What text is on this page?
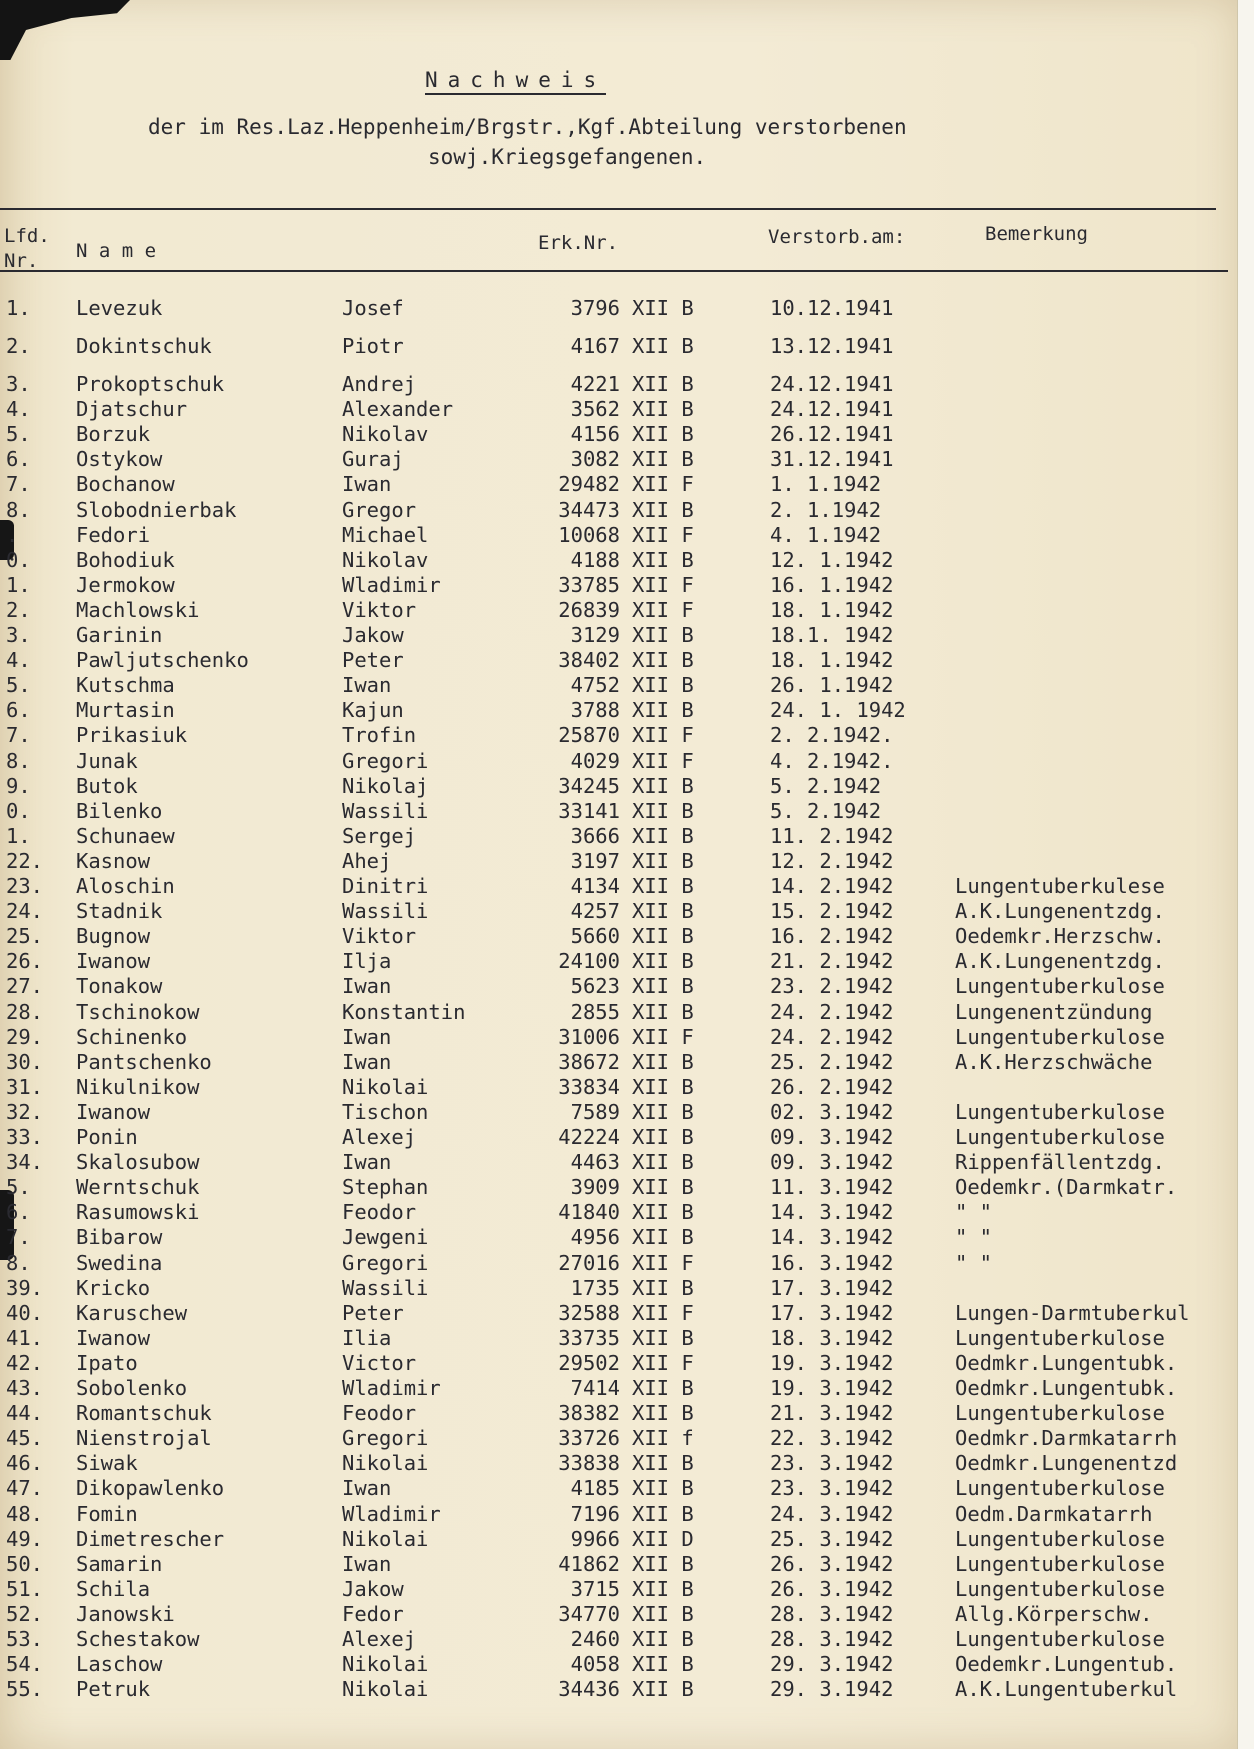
Nachweis
der im Res.Laz.Heppenheim/Brgstr.,Kgf.Abteilung verstorbenen
sowj.Kriegsgefangenen.
Lfd.
Nr. N a m e	Erk.Nr.	Verstorb.am:	Bemerkung
1. Levezuk	Josef	3796 XII B	10.12.1941
2. Dokintschuk	Piotr	4167 XII B	13.12.1941
3. Prokoptschuk	Andrej	4221 XII B	24.12.1941
4. Djatschur	Alexander	3562 XII B	24.12.1941
5. Borzuk	Nikolav	4156 XII B	26.12.1941
6. Ostykow	Guraj	3082 XII B	31.12.1941
7. Bochanow	Iwan	29482 XII F	1. 1.1942
8. Slobodnierbak	Gregor	34473 XII B	2. 1.1942
.	Fedori	Michael	10068 XII F	4. 1.1942
0. Bohodiuk	Nikolav	4188 XII B	12. 1.1942
1. Jermokow	Wladimir	33785 XII F	16. 1.1942
2. Machlowski	Viktor	26839 XII F	18. 1.1942
3. Garinin	Jakow	3129 XII B	18.1. 1942
4. Pawljutschenko	Peter	38402 XII B	18. 1.1942
5. Kutschma	Iwan	4752 XII B	26. 1.1942
6. Murtasin	Kajun	3788 XII B	24. 1. 1942
7. Prikasiuk	Trofin	25870 XII F	2. 2.1942.
8. Junak	Gregori	4029 XII F	4. 2.1942.
9. Butok	Nikolaj	34245 XII B	5. 2.1942
0. Bilenko	Wassili	33141 XII B	5. 2.1942
1. Schunaew	Sergej	3666 XII B	11. 2.1942
22. Kasnow	Ahej	3197 XII B	12. 2.1942
23. Aloschin	Dinitri	4134 XII B	14. 2.1942	Lungentuberkulese
24. Stadnik	Wassili	4257 XII B	15. 2.1942	A.K.Lungenentzdg.
25. Bugnow	Viktor	5660 XII B	16. 2.1942	Oedemkr.Herzschw.
26. Iwanow	Ilja	24100 XII B	21. 2.1942	A.K.Lungenentzdg.
27. Tonakow	Iwan	5623 XII B	23. 2.1942	Lungentuberkulose
28. Tschinokow	Konstantin	2855 XII B	24. 2.1942	Lungenentzündung
29. Schinenko	Iwan	31006 XII F	24. 2.1942	Lungentuberkulose
30. Pantschenko	Iwan	38672 XII B	25. 2.1942	A.K.Herzschwäche
31. Nikulnikow	Nikolai	33834 XII B	26. 2.1942
32. Iwanow	Tischon	7589 XII B	02. 3.1942	Lungentuberkulose
33. Ponin	Alexej	42224 XII B	09. 3.1942	Lungentuberkulose
34. Skalosubow	Iwan	4463 XII B	09. 3.1942	Rippenfällentzdg.
5. Werntschuk	Stephan	3909 XII B	11. 3.1942	Oedemkr.(Darmkatr.
6. Rasumowski	Feodor	41840 XII B	14. 3.1942	" "
7. Bibarow	Jewgeni	4956 XII B	14. 3.1942	" "
8. Swedina	Gregori	27016 XII F	16. 3.1942	" "
39. Kricko	Wassili	1735 XII B	17. 3.1942
40. Karuschew	Peter	32588 XII F	17. 3.1942	Lungen-Darmtuberkul
41. Iwanow	Ilia	33735 XII B	18. 3.1942	Lungentuberkulose
42. Ipato	Victor	29502 XII F	19. 3.1942	Oedmkr.Lungentubk.
43. Sobolenko	Wladimir	7414 XII B	19. 3.1942	Oedmkr.Lungentubk.
44. Romantschuk	Feodor	38382 XII B	21. 3.1942	Lungentuberkulose
45. Nienstrojal	Gregori	33726 XII f	22. 3.1942	Oedmkr.Darmkatarrh
46. Siwak	Nikolai	33838 XII B	23. 3.1942	Oedmkr.Lungenentzd
47. Dikopawlenko	Iwan	4185 XII B	23. 3.1942	Lungentuberkulose
48. Fomin	Wladimir	7196 XII B	24. 3.1942	Oedm.Darmkatarrh
49. Dimetrescher	Nikolai	9966 XII D	25. 3.1942	Lungentuberkulose
50. Samarin	Iwan	41862 XII B	26. 3.1942	Lungentuberkulose
51. Schila	Jakow	3715 XII B	26. 3.1942	Lungentuberkulose
52. Janowski	Fedor	34770 XII B	28. 3.1942	Allg.Körperschw.
53. Schestakow	Alexej	2460 XII B	28. 3.1942	Lungentuberkulose
54. Laschow	Nikolai	4058 XII B	29. 3.1942	Oedemkr.Lungentub.
55. Petruk	Nikolai	34436 XII B	29. 3.1942	A.K.Lungentuberkul
